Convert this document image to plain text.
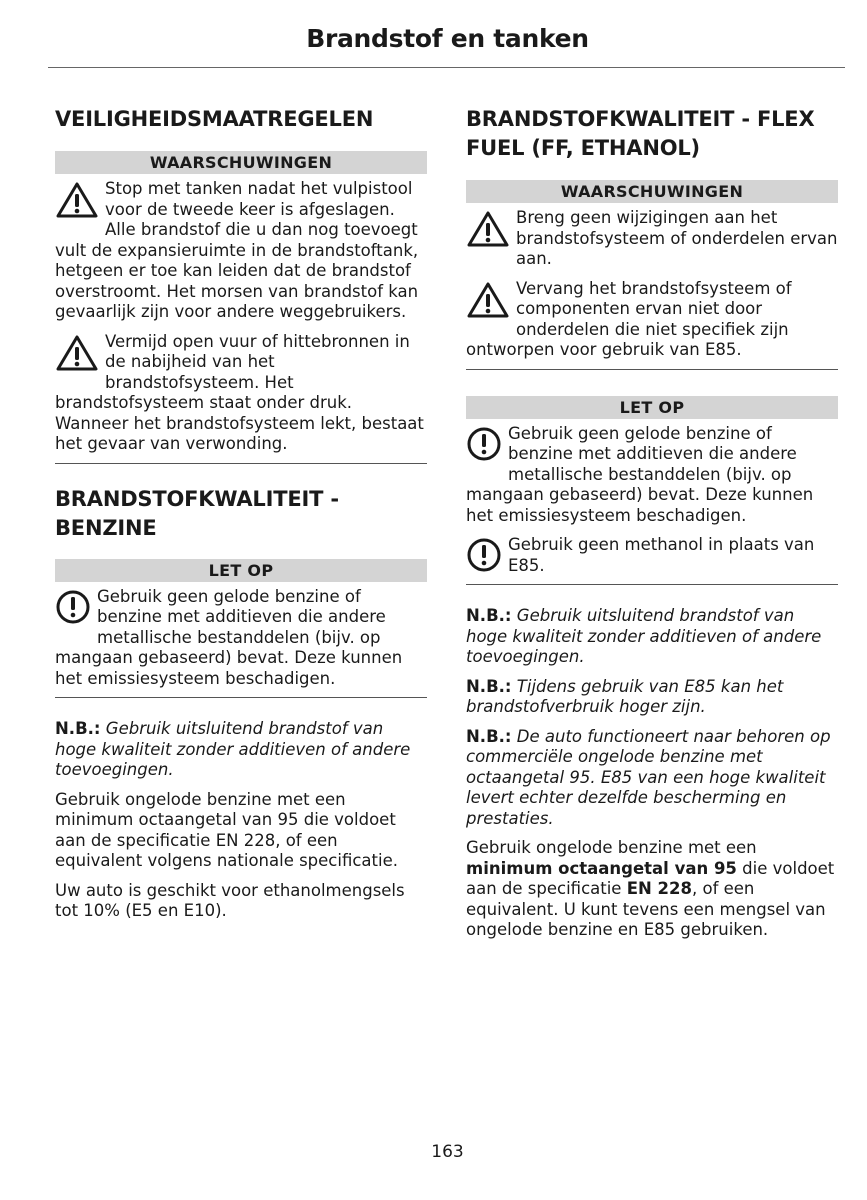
Brandstof en tanken
VEILIGHEIDSMAATREGELEN
WAARSCHUWINGEN

Stop met tanken nadat het vulpistool voor de tweede keer is afgeslagen. Alle brandstof die u dan nog toevoegt vult de expansieruimte in de brandstoftank, hetgeen er toe kan leiden dat de brandstof overstroomt. Het morsen van brandstof kan gevaarlijk zijn voor andere weggebruikers.

Vermijd open vuur of hittebronnen in de nabijheid van het brandstofsysteem. Het brandstofsysteem staat onder druk. Wanneer het brandstofsysteem lekt, bestaat het gevaar van verwonding.

BRANDSTOFKWALITEIT -
BENZINE
LET OP

Gebruik geen gelode benzine of benzine met additieven die andere metallische bestanddelen (bijv. op mangaan gebaseerd) bevat. Deze kunnen het emissiesysteem beschadigen.

N.B.: Gebruik uitsluitend brandstof van hoge kwaliteit zonder additieven of andere toevoegingen.

Gebruik ongelode benzine met een minimum octaangetal van 95 die voldoet aan de specificatie EN 228, of een equivalent volgens nationale specificatie.

Uw auto is geschikt voor ethanolmengsels tot 10% (E5 en E10).

BRANDSTOFKWALITEIT - FLEX
FUEL (FF, ETHANOL)
WAARSCHUWINGEN

Breng geen wijzigingen aan het brandstofsysteem of onderdelen ervan aan.

Vervang het brandstofsysteem of componenten ervan niet door onderdelen die niet specifiek zijn ontworpen voor gebruik van E85.

LET OP

Gebruik geen gelode benzine of benzine met additieven die andere metallische bestanddelen (bijv. op mangaan gebaseerd) bevat. Deze kunnen het emissiesysteem beschadigen.

Gebruik geen methanol in plaats van E85.

N.B.: Gebruik uitsluitend brandstof van hoge kwaliteit zonder additieven of andere toevoegingen.

N.B.: Tijdens gebruik van E85 kan het brandstofverbruik hoger zijn.

N.B.: De auto functioneert naar behoren op commerciële ongelode benzine met octaangetal 95. E85 van een hoge kwaliteit levert echter dezelfde bescherming en prestaties.

Gebruik ongelode benzine met een minimum octaangetal van 95 die voldoet aan de specificatie EN 228, of een equivalent. U kunt tevens een mengsel van ongelode benzine en E85 gebruiken.

163
